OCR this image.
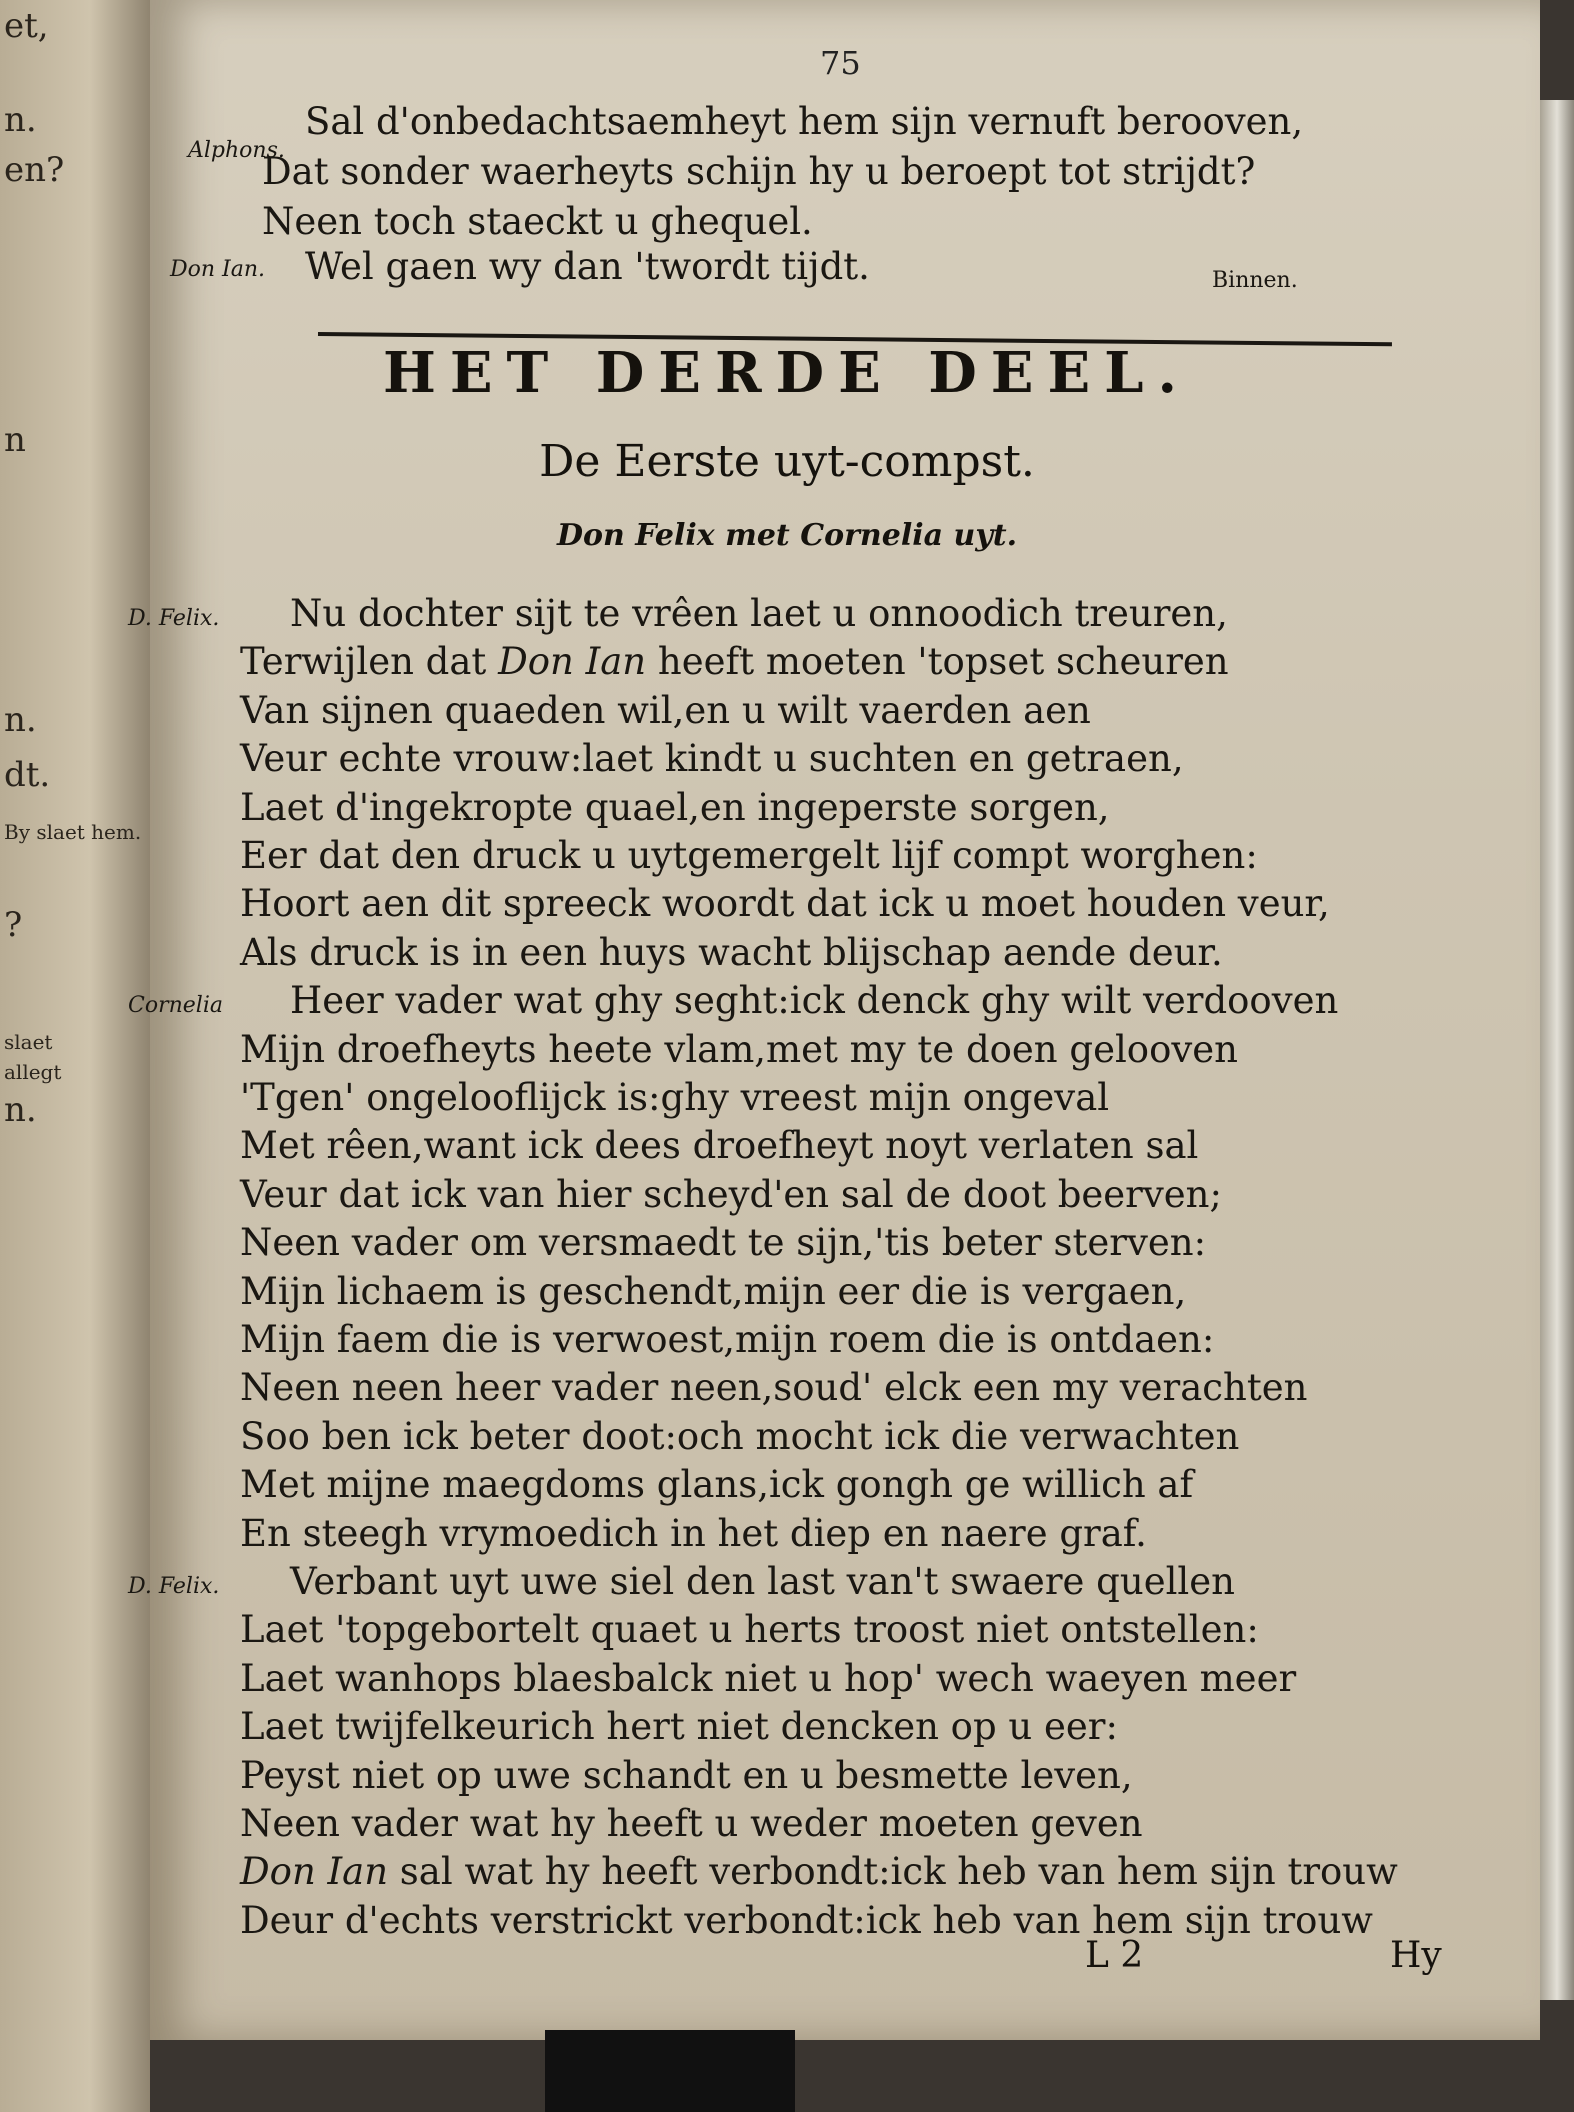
et,
n.
en?
n
n.
dt.
By slaet hem.
?
slaet
allegt
n.
75
Sal d'onbedachtsaemheyt hem sijn vernuft berooven,
Alphons.
Dat sonder waerheyts schijn hy u beroept tot strijdt?
Neen toch staeckt u ghequel.
Wel gaen wy dan 'twordt tijdt.
Don Ian.	Binnen.
HET DERDE DEEL.
De Eerste uyt-compst.
Don Felix met Cornelia uyt.
Nu dochter sijt te vrêen laet u onnoodich treuren,
D. Felix.
Terwijlen dat Don Ian heeft moeten 'topset scheuren
Van sijnen quaeden wil,en u wilt vaerden aen
Veur echte vrouw:laet kindt u suchten en getraen,
Laet d'ingekropte quael,en ingeperste sorgen,
Eer dat den druck u uytgemergelt lijf compt worghen:
Hoort aen dit spreeck woordt dat ick u moet houden veur,
Als druck is in een huys wacht blijschap aende deur.
Heer vader wat ghy seght:ick denck ghy wilt verdooven
Cornelia
Mijn droefheyts heete vlam,met my te doen gelooven
'Tgen' ongelooflijck is:ghy vreest mijn ongeval
Met rêen,want ick dees droefheyt noyt verlaten sal
Veur dat ick van hier scheyd'en sal de doot beerven;
Neen vader om versmaedt te sijn,'tis beter sterven:
Mijn lichaem is geschendt,mijn eer die is vergaen,
Mijn faem die is verwoest,mijn roem die is ontdaen:
Neen neen heer vader neen,soud' elck een my verachten
Soo ben ick beter doot:och mocht ick die verwachten
Met mijne maegdoms glans,ick gongh ge willich af
En steegh vrymoedich in het diep en naere graf.
Verbant uyt uwe siel den last van't swaere quellen
D. Felix.
Laet 'topgebortelt quaet u herts troost niet ontstellen:
Laet wanhops blaesbalck niet u hop' wech waeyen meer
Laet twijfelkeurich hert niet dencken op u eer:
Peyst niet op uwe schandt en u besmette leven,
Neen vader wat hy heeft u weder moeten geven
Don Ian sal wat hy heeft verbondt:ick heb van hem sijn trouw
Deur d'echts verstrickt verbondt:ick heb van hem sijn trouw
L 2	Hy
